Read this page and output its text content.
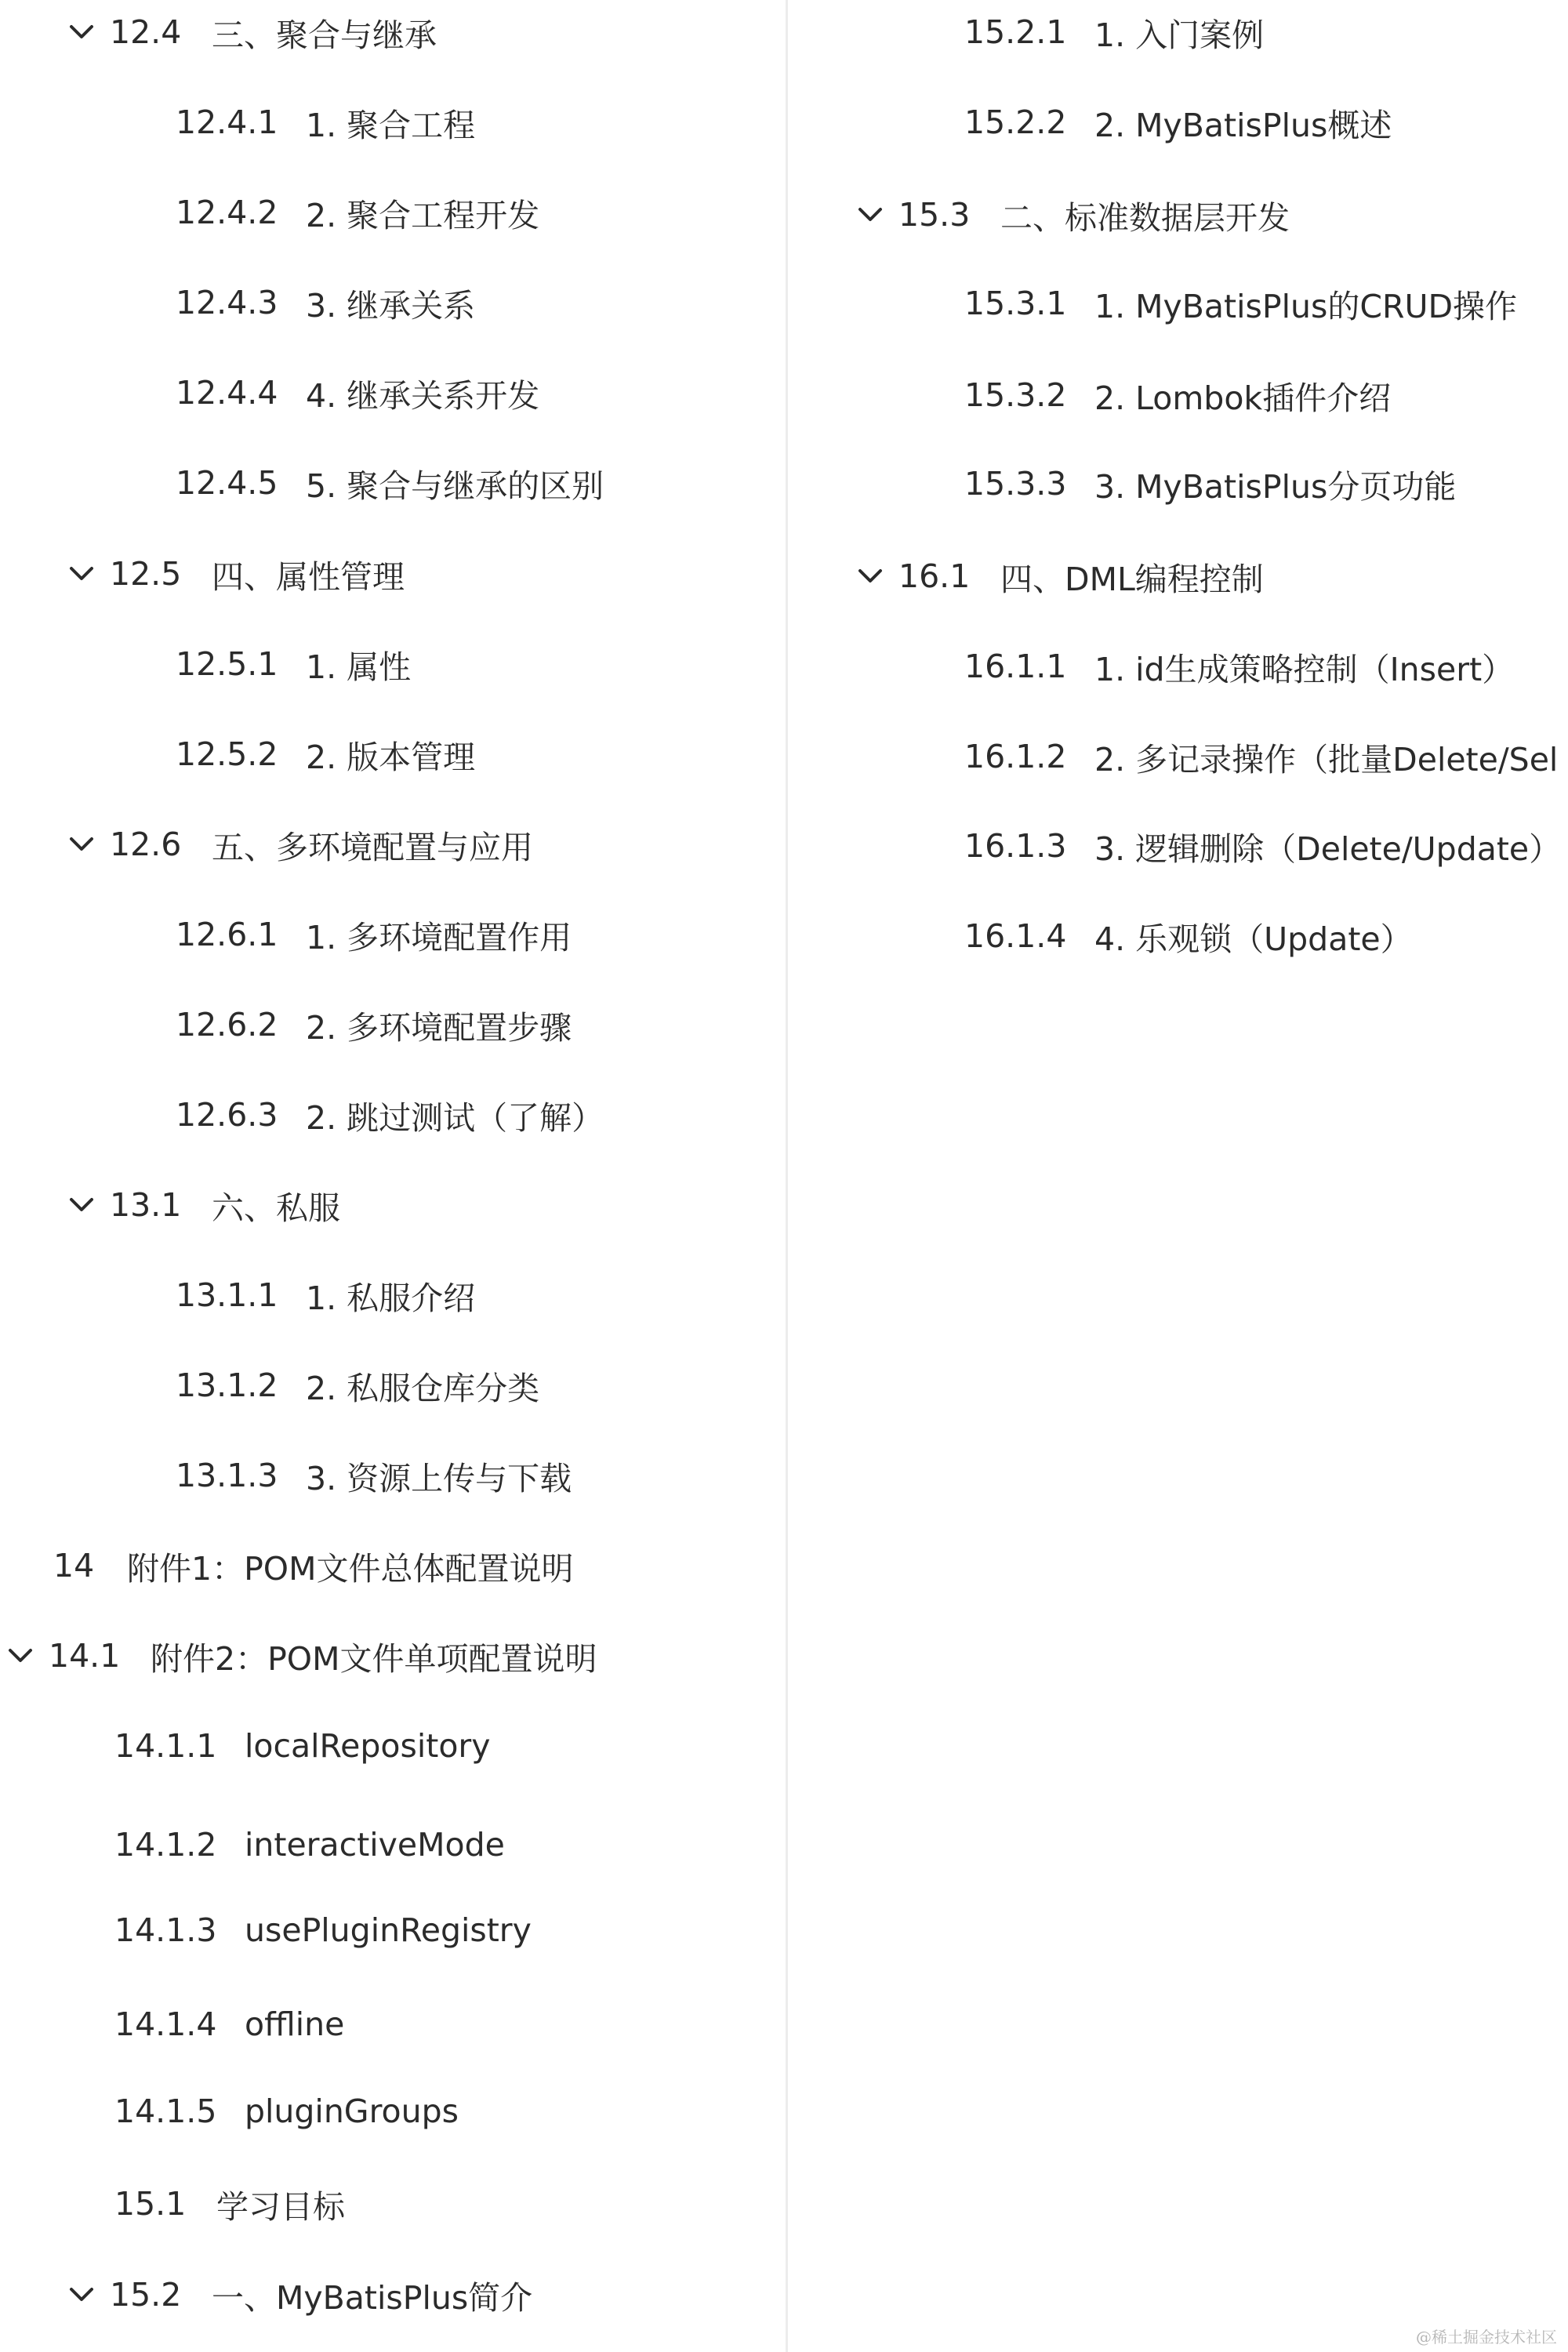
12.4 三、聚合与继承
12.4.1 1. 聚合工程
12.4.2 2. 聚合工程开发
12.4.3 3. 继承关系
12.4.4 4. 继承关系开发
12.4.5 5. 聚合与继承的区别
12.5 四、属性管理
12.5.1 1. 属性
12.5.2 2. 版本管理
12.6 五、多环境配置与应用
12.6.1 1. 多环境配置作用
12.6.2 2. 多环境配置步骤
12.6.3 2. 跳过测试（了解）
13.1 六、私服
13.1.1 1. 私服介绍
13.1.2 2. 私服仓库分类
13.1.3 3. 资源上传与下载
14	附件1：POM文件总体配置说明
14.1 附件2：POM文件单项配置说明
14.1.1 localRepository
14.1.2 interactiveMode
14.1.3 usePluginRegistry
14.1.4 offline
14.1.5 pluginGroups
15.1 学习目标
15.2 一、MyBatisPlus简介
15.2.1 1. 入门案例
15.2.2 2. MyBatisPlus概述
15.3 二、标准数据层开发
15.3.1 1. MyBatisPlus的CRUD操作
15.3.2 2. Lombok插件介绍
15.3.3 3. MyBatisPlus分页功能
16.1 四、DML编程控制
16.1.1 1. id生成策略控制（Insert）
16.1.2 2. 多记录操作（批量Delete/Sel
16.1.3 3. 逻辑删除（Delete/Update）
16.1.4 4. 乐观锁（Update）
@稀土掘金技术社区
